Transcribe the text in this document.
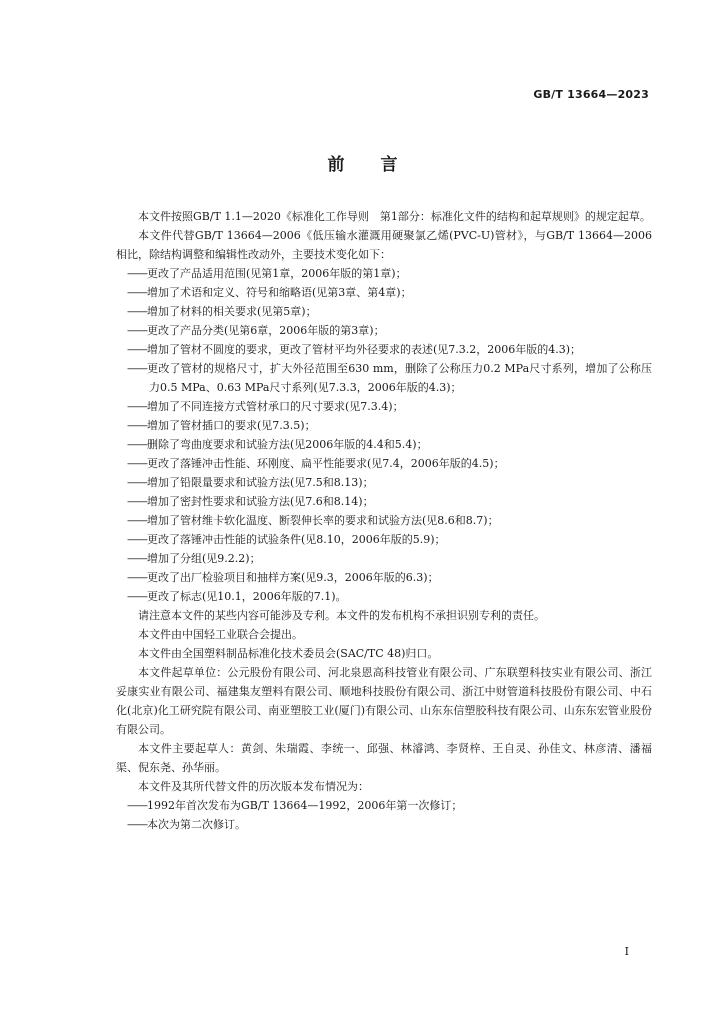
GB/T 13664—2023
前言

本文件按照GB/T 1.1—2020《标准化工作导则　第1部分：标准化文件的结构和起草规则》的规定起草。

本文件代替GB/T 13664—2006《低压输水灌溉用硬聚氯乙烯(PVC-U)管材》，与GB/T 13664—2006相比，除结构调整和编辑性改动外，主要技术变化如下：

——更改了产品适用范围(见第1章，2006年版的第1章)；

——增加了术语和定义、符号和缩略语(见第3章、第4章)；

——增加了材料的相关要求(见第5章)；

——更改了产品分类(见第6章，2006年版的第3章)；

——增加了管材不圆度的要求，更改了管材平均外径要求的表述(见7.3.2，2006年版的4.3)；

——更改了管材的规格尺寸，扩大外径范围至630 mm，删除了公称压力0.2 MPa尺寸系列，增加了公称压力0.5 MPa、0.63 MPa尺寸系列(见7.3.3，2006年版的4.3)；

——增加了不同连接方式管材承口的尺寸要求(见7.3.4)；

——增加了管材插口的要求(见7.3.5)；

——删除了弯曲度要求和试验方法(见2006年版的4.4和5.4)；

——更改了落锤冲击性能、环刚度、扁平性能要求(见7.4，2006年版的4.5)；

——增加了铅限量要求和试验方法(见7.5和8.13)；

——增加了密封性要求和试验方法(见7.6和8.14)；

——增加了管材维卡软化温度、断裂伸长率的要求和试验方法(见8.6和8.7)；

——更改了落锤冲击性能的试验条件(见8.10，2006年版的5.9)；

——增加了分组(见9.2.2)；

——更改了出厂检验项目和抽样方案(见9.3，2006年版的6.3)；

——更改了标志(见10.1，2006年版的7.1)。

请注意本文件的某些内容可能涉及专利。本文件的发布机构不承担识别专利的责任。

本文件由中国轻工业联合会提出。

本文件由全国塑料制品标准化技术委员会(SAC/TC 48)归口。

本文件起草单位：公元股份有限公司、河北泉恩高科技管业有限公司、广东联塑科技实业有限公司、浙江妥康实业有限公司、福建集友塑料有限公司、顺地科技股份有限公司、浙江中财管道科技股份有限公司、中石化(北京)化工研究院有限公司、南亚塑胶工业(厦门)有限公司、山东东信塑胶科技有限公司、山东东宏管业股份有限公司。

本文件主要起草人：黄剑、朱瑞霞、李统一、邱强、林濬鸿、李贤梓、王自灵、孙佳文、林彦清、潘福渠、倪东尧、孙华丽。

本文件及其所代替文件的历次版本发布情况为：

——1992年首次发布为GB/T 13664—1992，2006年第一次修订；

——本次为第二次修订。

I
